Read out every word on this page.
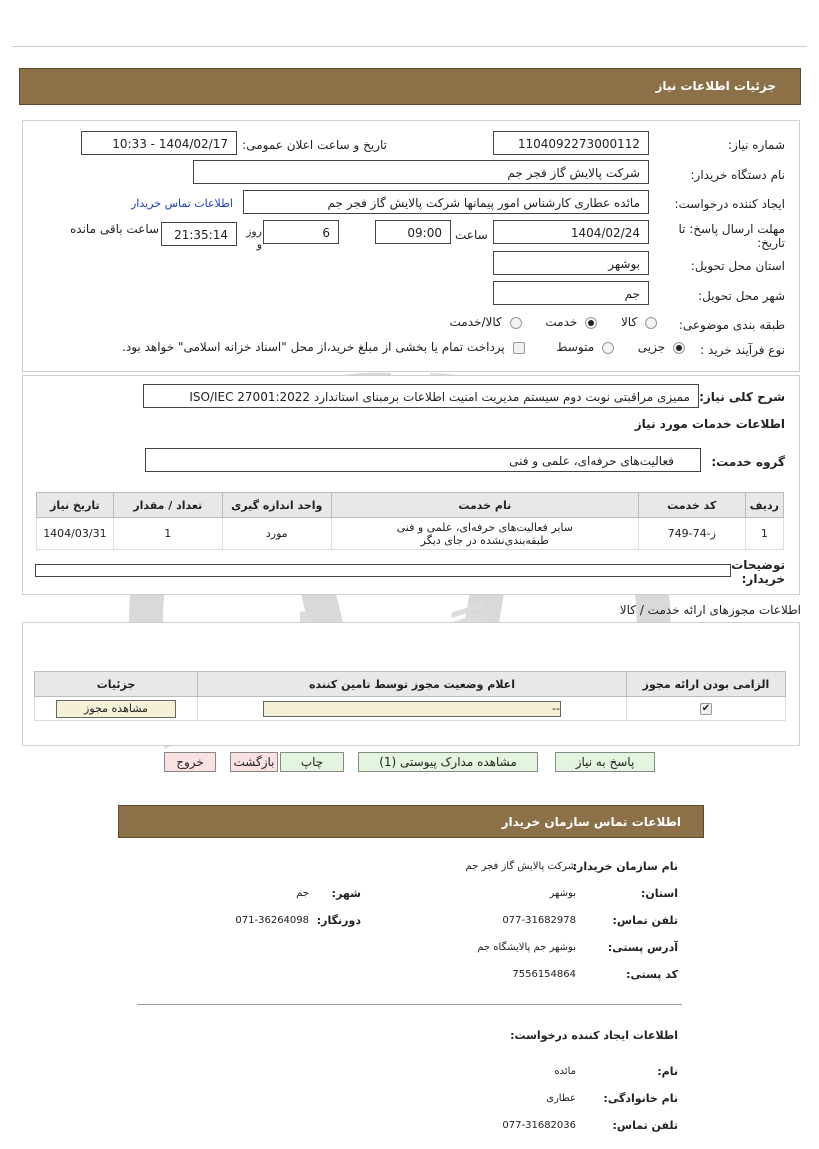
جزئیات اطلاعات نیاز
شماره نیاز:
1104092273000112
تاریخ و ساعت اعلان عمومی:
1404/02/17 - 10:33
نام دستگاه خریدار:
شرکت پالایش گاز فجر جم
ایجاد کننده درخواست:
مائده عطاری کارشناس امور پیمانها شرکت پالایش گاز فجر جم
اطلاعات تماس خریدار
مهلت ارسال پاسخ: تا تاریخ:
1404/02/24
ساعت
09:00
6
روز و
21:35:14
ساعت باقی مانده
استان محل تحویل:
بوشهر
شهر محل تحویل:
جم
طبقه بندی موضوعی:
کالا  خدمت  کالا/خدمت
نوع فرآیند خرید :
جزیی  متوسط  پرداخت تمام یا بخشی از مبلغ خرید،از محل "اسناد خزانه اسلامی" خواهد بود.
شرح کلی نیاز:
ممیزی مراقبتی نوبت دوم سیستم مدیریت امنیت اطلاعات برمبنای استاندارد ISO/IEC 27001:2022
اطلاعات خدمات مورد نیاز
گروه خدمت:
فعالیت‌های حرفه‌ای، علمی و فنی
ردیف	کد خدمت	نام خدمت	واحد اندازه گیری	تعداد / مقدار	تاریخ نیاز
1	ز-74-749	سایر فعالیت‌های حرفه‌ای، علمی و فنی
طبقه‌بندی‌نشده در جای دیگر	مورد	1	1404/03/31
توضیحات خریدار:
اطلاعات مجوزهای ارائه خدمت / کالا
الزامی بودن ارائه مجوز	اعلام وضعیت مجوز توسط تامین کننده	جزئیات
✔	--	مشاهده مجوز
پاسخ به نیاز
مشاهده مدارک پیوستی (1)
چاپ
بازگشت
خروج
اطلاعات تماس سازمان خریدار
نام سازمان خریدار:
شرکت پالایش گاز فجر جم
استان:
بوشهر
شهر:
جم
تلفن تماس:
077-31682978
دورنگار:
071-36264098
آدرس پستی:
بوشهر جم پالایشگاه جم
کد پستی:
7556154864
اطلاعات ایجاد کننده درخواست:
نام:
مائده
نام خانوادگی:
عطاری
تلفن تماس:
077-31682036
